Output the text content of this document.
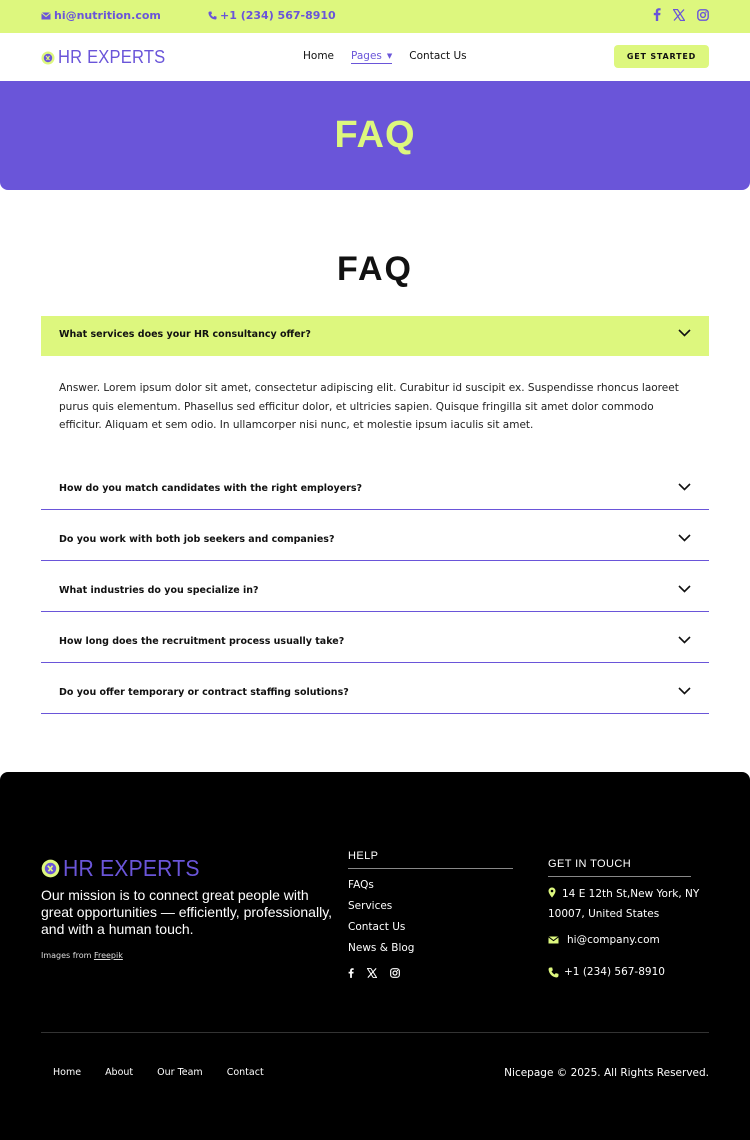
hi@nutrition.com	+1 (234) 567-8910
HR EXPERTS	Home Pages ▼ Contact Us	GET STARTED
FAQ
FAQ
What services does your HR consultancy offer?
Answer. Lorem ipsum dolor sit amet, consectetur adipiscing elit. Curabitur id suscipit ex. Suspendisse rhoncus laoreet purus quis elementum. Phasellus sed efficitur dolor, et ultricies sapien. Quisque fringilla sit amet dolor commodo efficitur. Aliquam et sem odio. In ullamcorper nisi nunc, et molestie ipsum iaculis sit amet.
How do you match candidates with the right employers?
Do you work with both job seekers and companies?
What industries do you specialize in?
How long does the recruitment process usually take?
Do you offer temporary or contract staffing solutions?
HR EXPERTS
Our mission is to connect great people with great opportunities — efficiently, professionally, and with a human touch.
Images from Freepik
HELP
FAQs
Services
Contact Us
News & Blog
GET IN TOUCH
14 E 12th St,New York, NY 10007, United States
hi@company.com
+1 (234) 567-8910
Home	About	Our Team	Contact	Nicepage © 2025. All Rights Reserved.
